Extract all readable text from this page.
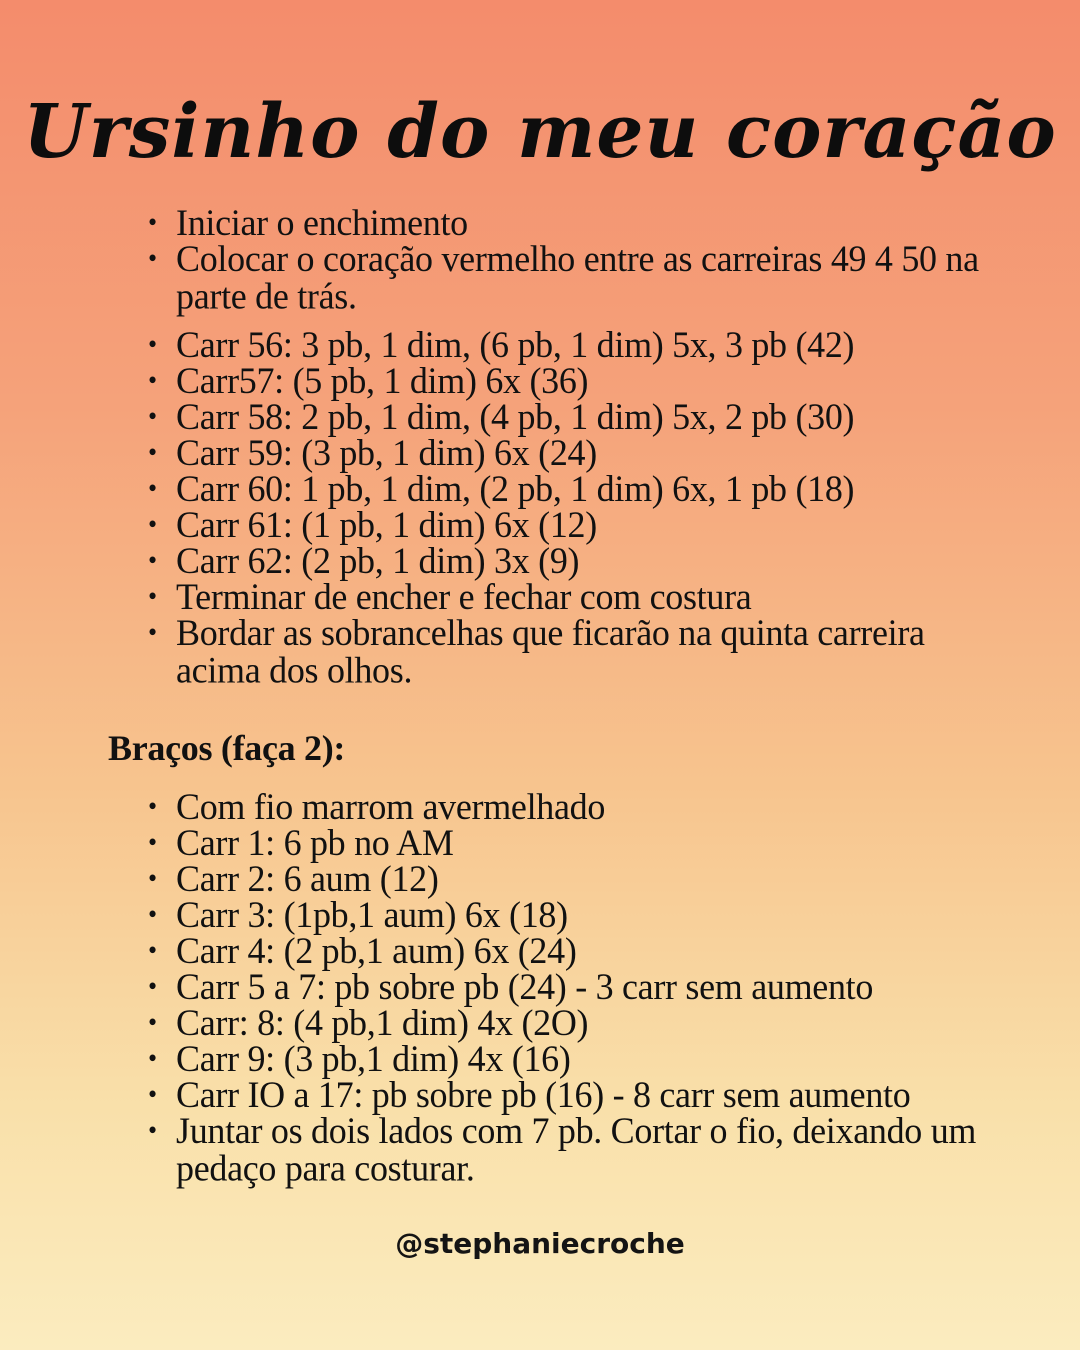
Ursinho do meu coração
• Iniciar o enchimento
• Colocar o coração vermelho entre as carreiras 49 4 50 na parte de trás.
• Carr 56: 3 pb, 1 dim, (6 pb, 1 dim) 5x, 3 pb (42)
• Carr57: (5 pb, 1 dim) 6x (36)
• Carr 58: 2 pb, 1 dim, (4 pb, 1 dim) 5x, 2 pb (30)
• Carr 59: (3 pb, 1 dim) 6x (24)
• Carr 60: 1 pb, 1 dim, (2 pb, 1 dim) 6x, 1 pb (18)
• Carr 61: (1 pb, 1 dim) 6x (12)
• Carr 62: (2 pb, 1 dim) 3x (9)
• Terminar de encher e fechar com costura
• Bordar as sobrancelhas que ficarão na quinta carreira acima dos olhos.
Braços (faça 2):
• Com fio marrom avermelhado
• Carr 1: 6 pb no AM
• Carr 2: 6 aum (12)
• Carr 3: (1pb,1 aum) 6x (18)
• Carr 4: (2 pb,1 aum) 6x (24)
• Carr 5 a 7: pb sobre pb (24) - 3 carr sem aumento
• Carr: 8: (4 pb,1 dim) 4x (2O)
• Carr 9: (3 pb,1 dim) 4x (16)
• Carr IO a 17: pb sobre pb (16) - 8 carr sem aumento
• Juntar os dois lados com 7 pb. Cortar o fio, deixando um pedaço para costurar.
@stephaniecroche
